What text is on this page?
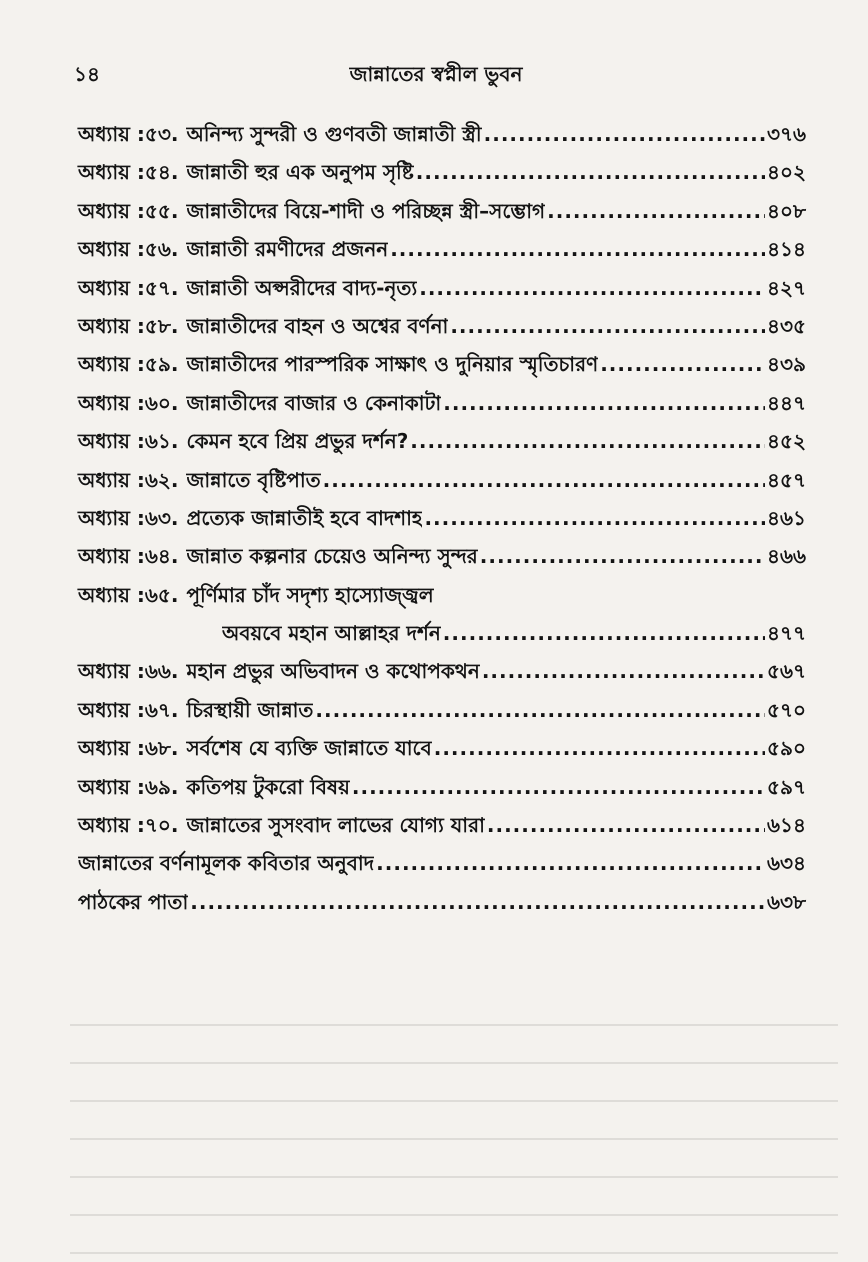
১৪	জান্নাতের স্বপ্নীল ভুবন
অধ্যায় : ৫৩. অনিন্দ্য সুন্দরী ও গুণবতী জান্নাতী স্ত্রী .....	৩৭৬
অধ্যায় : ৫৪. জান্নাতী হুর এক অনুপম সৃষ্টি .....	৪০২
অধ্যায় : ৫৫. জান্নাতীদের বিয়ে-শাদী ও পরিচ্ছন্ন স্ত্রী–সম্ভোগ .....	৪০৮
অধ্যায় : ৫৬. জান্নাতী রমণীদের প্রজনন .....	৪১৪
অধ্যায় : ৫৭. জান্নাতী অপ্সরীদের বাদ্য-নৃত্য .....	৪২৭
অধ্যায় : ৫৮. জান্নাতীদের বাহন ও অশ্বের বর্ণনা .....	৪৩৫
অধ্যায় : ৫৯. জান্নাতীদের পারস্পরিক সাক্ষাৎ ও দুনিয়ার স্মৃতিচারণ .....	৪৩৯
অধ্যায় : ৬০. জান্নাতীদের বাজার ও কেনাকাটা .....	৪৪৭
অধ্যায় : ৬১. কেমন হবে প্রিয় প্রভুর দর্শন? .....	৪৫২
অধ্যায় : ৬২. জান্নাতে বৃষ্টিপাত .....	৪৫৭
অধ্যায় : ৬৩. প্রত্যেক জান্নাতীই হবে বাদশাহ .....	৪৬১
অধ্যায় : ৬৪. জান্নাত কল্পনার চেয়েও অনিন্দ্য সুন্দর .....	৪৬৬
অধ্যায় : ৬৫. পূর্ণিমার চাঁদ সদৃশ্য হাস্যোজ্জ্বল
অবয়বে মহান আল্লাহর দর্শন .....	৪৭৭
অধ্যায় : ৬৬. মহান প্রভুর অভিবাদন ও কথোপকথন .....	৫৬৭
অধ্যায় : ৬৭. চিরস্থায়ী জান্নাত .....	৫৭০
অধ্যায় : ৬৮. সর্বশেষ যে ব্যক্তি জান্নাতে যাবে .....	৫৯০
অধ্যায় : ৬৯. কতিপয় টুকরো বিষয় .....	৫৯৭
অধ্যায় : ৭০. জান্নাতের সুসংবাদ লাভের যোগ্য যারা .....	৬১৪
জান্নাতের বর্ণনামূলক কবিতার অনুবাদ .....	৬৩৪
পাঠকের পাতা .....	৬৩৮
